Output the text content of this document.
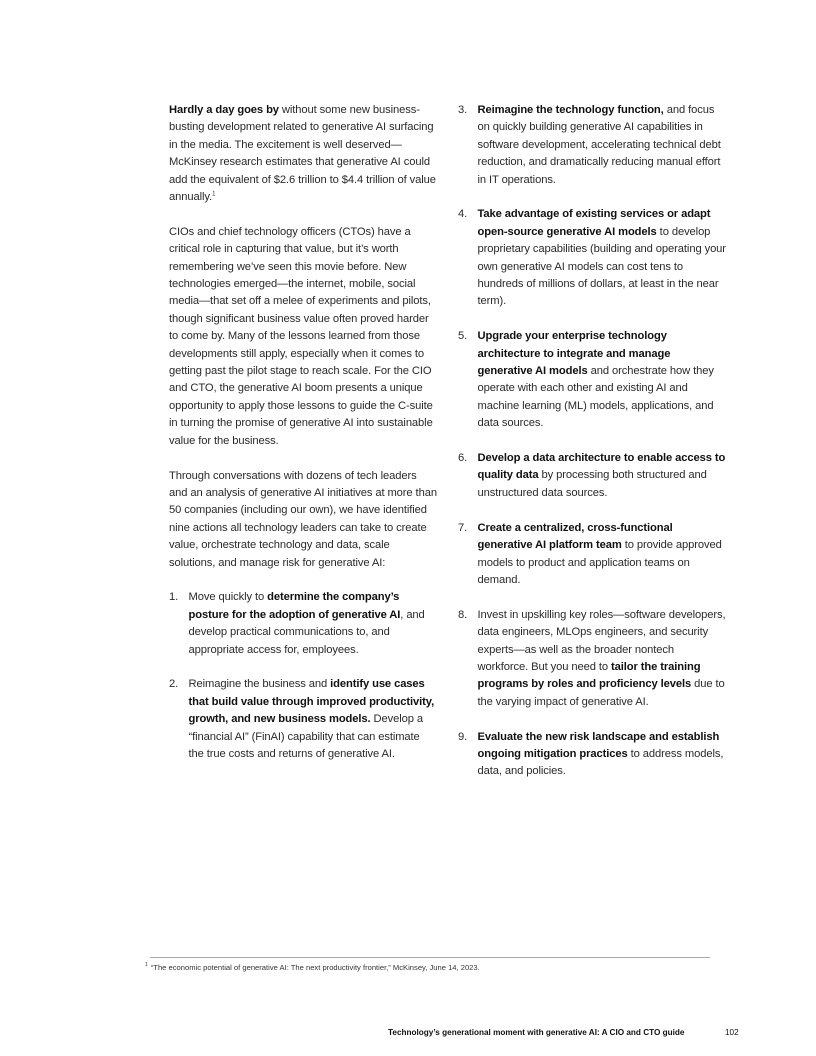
Hardly a day goes by without some new business-busting development related to generative AI surfacing in the media. The excitement is well deserved—McKinsey research estimates that generative AI could add the equivalent of $2.6 trillion to $4.4 trillion of value annually.$^1$

CIOs and chief technology officers (CTOs) have a critical role in capturing that value, but it’s worth remembering we’ve seen this movie before. New technologies emerged—the internet, mobile, social media—that set off a melee of experiments and pilots, though significant business value often proved harder to come by. Many of the lessons learned from those developments still apply, especially when it comes to getting past the pilot stage to reach scale. For the CIO and CTO, the generative AI boom presents a unique opportunity to apply those lessons to guide the C-suite in turning the promise of generative AI into sustainable value for the business.

Through conversations with dozens of tech leaders and an analysis of generative AI initiatives at more than 50 companies (including our own), we have identified nine actions all technology leaders can take to create value, orchestrate technology and data, scale solutions, and manage risk for generative AI:

1. Move quickly to determine the company’s posture for the adoption of generative AI, and develop practical communications to, and appropriate access for, employees.
2. Reimagine the business and identify use cases that build value through improved productivity, growth, and new business models. Develop a “financial AI” (FinAI) capability that can estimate the true costs and returns of generative AI.
3. Reimagine the technology function, and focus on quickly building generative AI capabilities in software development, accelerating technical debt reduction, and dramatically reducing manual effort in IT operations.
4. Take advantage of existing services or adapt open-source generative AI models to develop proprietary capabilities (building and operating your own generative AI models can cost tens to hundreds of millions of dollars, at least in the near term).
5. Upgrade your enterprise technology architecture to integrate and manage generative AI models and orchestrate how they operate with each other and existing AI and machine learning (ML) models, applications, and data sources.
6. Develop a data architecture to enable access to quality data by processing both structured and unstructured data sources.
7. Create a centralized, cross-functional generative AI platform team to provide approved models to product and application teams on demand.
8. Invest in upskilling key roles—software developers, data engineers, MLOps engineers, and security experts—as well as the broader nontech workforce. But you need to tailor the training programs by roles and proficiency levels due to the varying impact of generative AI.
9. Evaluate the new risk landscape and establish ongoing mitigation practices to address models, data, and policies.
$^1$ “The economic potential of generative AI: The next productivity frontier,” McKinsey, June 14, 2023.
Technology’s generational moment with generative AI: A CIO and CTO guide	102
